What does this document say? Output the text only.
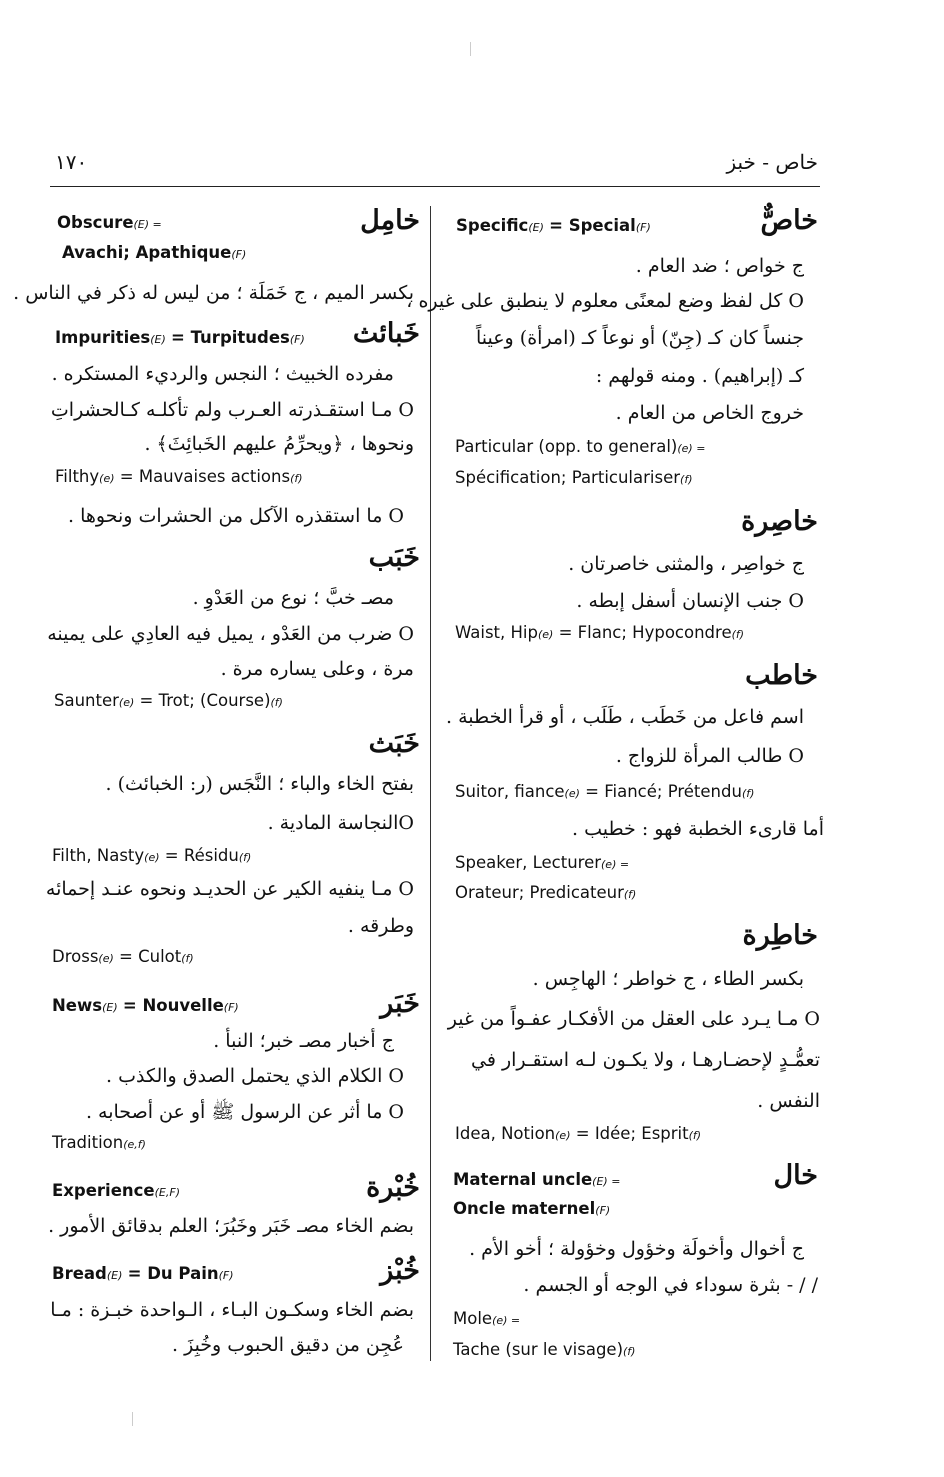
١٧٠	خاص - خبز
خاصٌّ
Specific(E) = Special(F)
ج خواص ؛ ضد العام .
O كل لفظ وضع لمعنًى معلوم لا ينطبق على غيره ،
جنساً كان كـ (جِنّ) أو نوعاً كـ (امرأة) وعيناً
كـ (إبراهيم) . ومنه قولهم :
خروج الخاص من العام .
Particular (opp. to general)(e) =
Spécification; Particulariser(f)
خاصِرة
ج خواصِر ، والمثنى خاصرتان .
O جنب الإنسان أسفل إبطه .
Waist, Hip(e) = Flanc; Hypocondre(f)
خاطب
اسم فاعل من خَطَب ، طَلَب ، أو قرأ الخطبة .
O طالب المرأة للزواج .
Suitor, fiance(e) = Fiancé; Prétendu(f)
أما قارىء الخطبة فهو : خطيب .
Speaker, Lecturer(e) =
Orateur; Predicateur(f)
خاطِرة
بكسر الطاء ، ج خواطر ؛ الهاجِس .
O مـا يـرد على العقل من الأفكـار عفـواً من غير
تعمُّـدٍ لإحضـارهـا ، ولا يكـون لـه استقـرار في
النفس .
Idea, Notion(e) = Idée; Esprit(f)
خال
Maternal uncle(E) =
Oncle maternel(F)
ج أخوال وأخولَة وخؤول وخؤولة ؛ أخو الأم .
/ / - بثرة سوداء في الوجه أو الجسم .
Mole(e) =
Tache (sur le visage)(f)
خامِل
Obscure(E) =
Avachi; Apathique(F)
بكسر الميم ، ج خَمَلَة ؛ من ليس له ذكر في الناس .
خَبائث
Impurities(E) = Turpitudes(F)
مفرده الخبيث ؛ النجس والرديء المستكره .
O مـا استقـذرته العـرب ولم تأكلـه كـالحشراتِ
ونحوها ، ﴿ويحرِّمُ عليهم الخَبائِثَ﴾ .
Filthy(e) = Mauvaises actions(f)
O ما استقذره الآكل من الحشرات ونحوها .
خَبَب
مصـ خبَّ ؛ نوع من العَدْوِ .
O ضرب من العَدْو ، يميل فيه العادِي على يمينه
مرة ، وعلى يساره مرة .
Saunter(e) = Trot; (Course)(f)
خَبَث
بفتح الخاء والباء ؛ النَّجَس (ر: الخبائث) .
Oالنجاسة المادية .
Filth, Nasty(e) = Résidu(f)
O مـا ينفيه الكير عن الحديـد ونحوه عنـد إحمائه
وطرقه .
Dross(e) = Culot(f)
خَبَر
News(E) = Nouvelle(F)
ج أخبار مصـ خبر؛ النبأ .
O الكلام الذي يحتمل الصدق والكذب .
O ما أثر عن الرسول ﷺ أو عن أصحابه .
Tradition(e,f)
خُبْرة
Experience(E,F)
بضم الخاء مصـ خَبَر وخَبُرَ؛ العلم بدقائق الأمور .
خُبْز
Bread(E) = Du Pain(F)
بضم الخاء وسكـون البـاء ، الـواحدة خبـزة : مـا
عُجِن من دقيق الحبوب وخُبِزَ .
